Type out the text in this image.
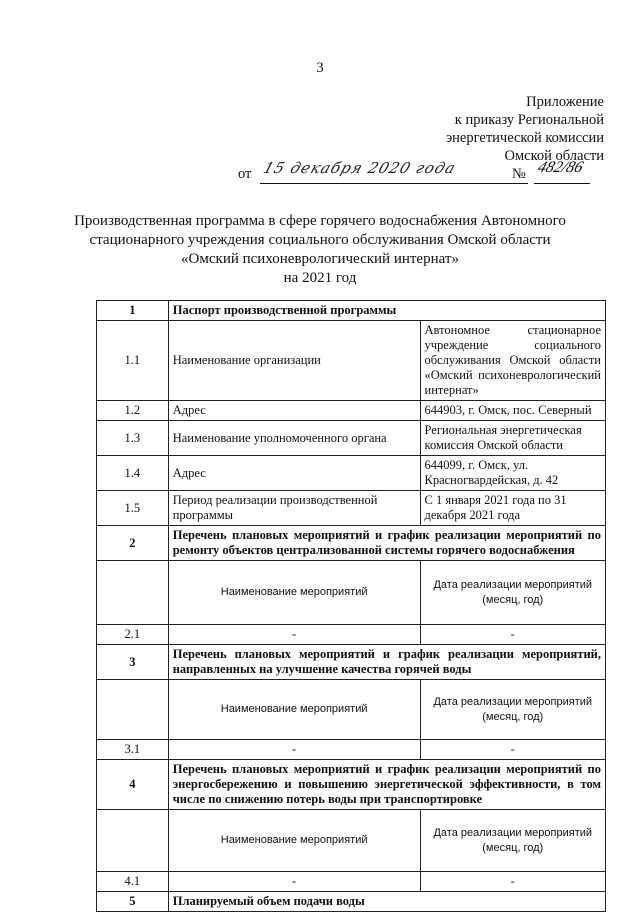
3
Приложение
к приказу Региональной
энергетической комиссии
Омской области
от 15 декабря 2020 года	№ 482/86
Производственная программа в сфере горячего водоснабжения Автономного
стационарного учреждения социального обслуживания Омской области
«Омский психоневрологический интернат»
на 2021 год
1	Паспорт производственной программы	
1.1	Наименование организации	Автономное стационарное учреждение социального обслуживания Омской области «Омский психоневрологический интернат»
1.2	Адрес	644903, г. Омск, пос. Северный
1.3	Наименование уполномоченного органа	Региональная энергетическая комиссия Омской области
1.4	Адрес	644099, г. Омск, ул. Красногвардейская, д. 42
1.5	Период реализации производственной программы	С 1 января 2021 года по 31 декабря 2021 года
2	Перечень плановых мероприятий и график реализации мероприятий по ремонту объектов централизованной системы горячего водоснабжения	
	Наименование мероприятий	Дата реализации мероприятий (месяц, год)
2.1	-	-
3	Перечень плановых мероприятий и график реализации мероприятий, направленных на улучшение качества горячей воды	
	Наименование мероприятий	Дата реализации мероприятий (месяц, год)
3.1	-	-
4	Перечень плановых мероприятий и график реализации мероприятий по энергосбережению и повышению энергетической эффективности, в том числе по снижению потерь воды при транспортировке	
	Наименование мероприятий	Дата реализации мероприятий (месяц, год)
4.1	-	-
5	Планируемый объем подачи воды	
